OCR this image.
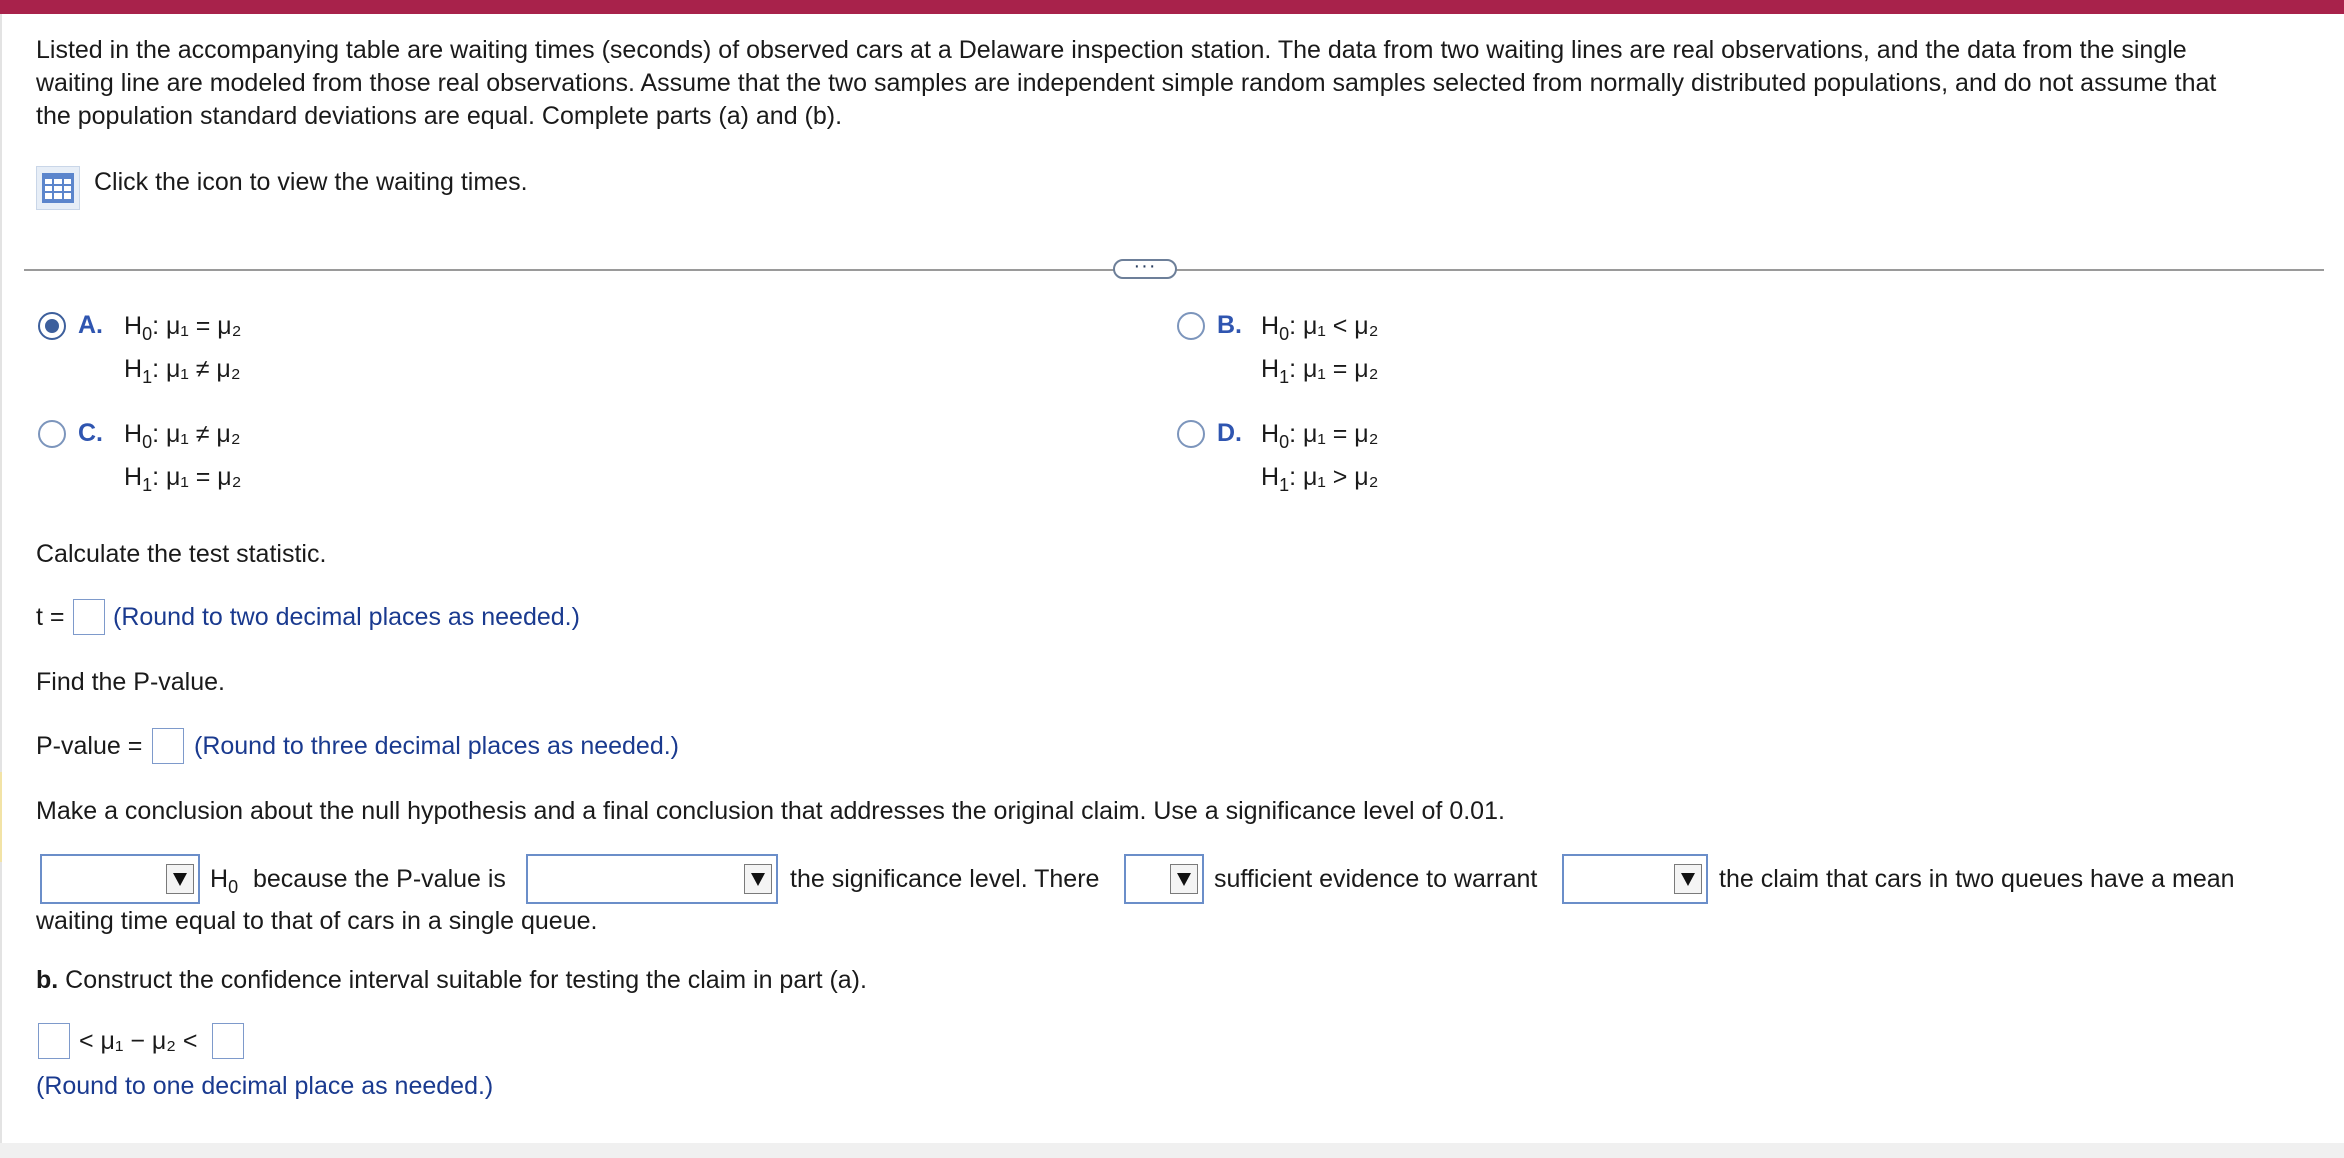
Listed in the accompanying table are waiting times (seconds) of observed cars at a Delaware inspection station. The data from two waiting lines are real observations, and the data from the single

waiting line are modeled from those real observations. Assume that the two samples are independent simple random samples selected from normally distributed populations, and do not assume that

the population standard deviations are equal. Complete parts (a) and (b).

Click the icon to view the waiting times.
···
A. $H_0$: μ₁ = μ₂
$H_1$: μ₁ ≠ μ₂
B. $H_0$: μ₁ < μ₂
$H_1$: μ₁ = μ₂
C. $H_0$: μ₁ ≠ μ₂
$H_1$: μ₁ = μ₂
D. $H_0$: μ₁ = μ₂
$H_1$: μ₁ > μ₂
Calculate the test statistic.
t = (Round to two decimal places as needed.)
Find the P-value.
P-value = (Round to three decimal places as needed.)
Make a conclusion about the null hypothesis and a final conclusion that addresses the original claim. Use a significance level of 0.01.
$H_0$ because the P-value is	the significance level. There	sufficient evidence to warrant	the claim that cars in two queues have a mean
waiting time equal to that of cars in a single queue.
b. Construct the confidence interval suitable for testing the claim in part (a).
< μ₁ − μ₂ <
(Round to one decimal place as needed.)
